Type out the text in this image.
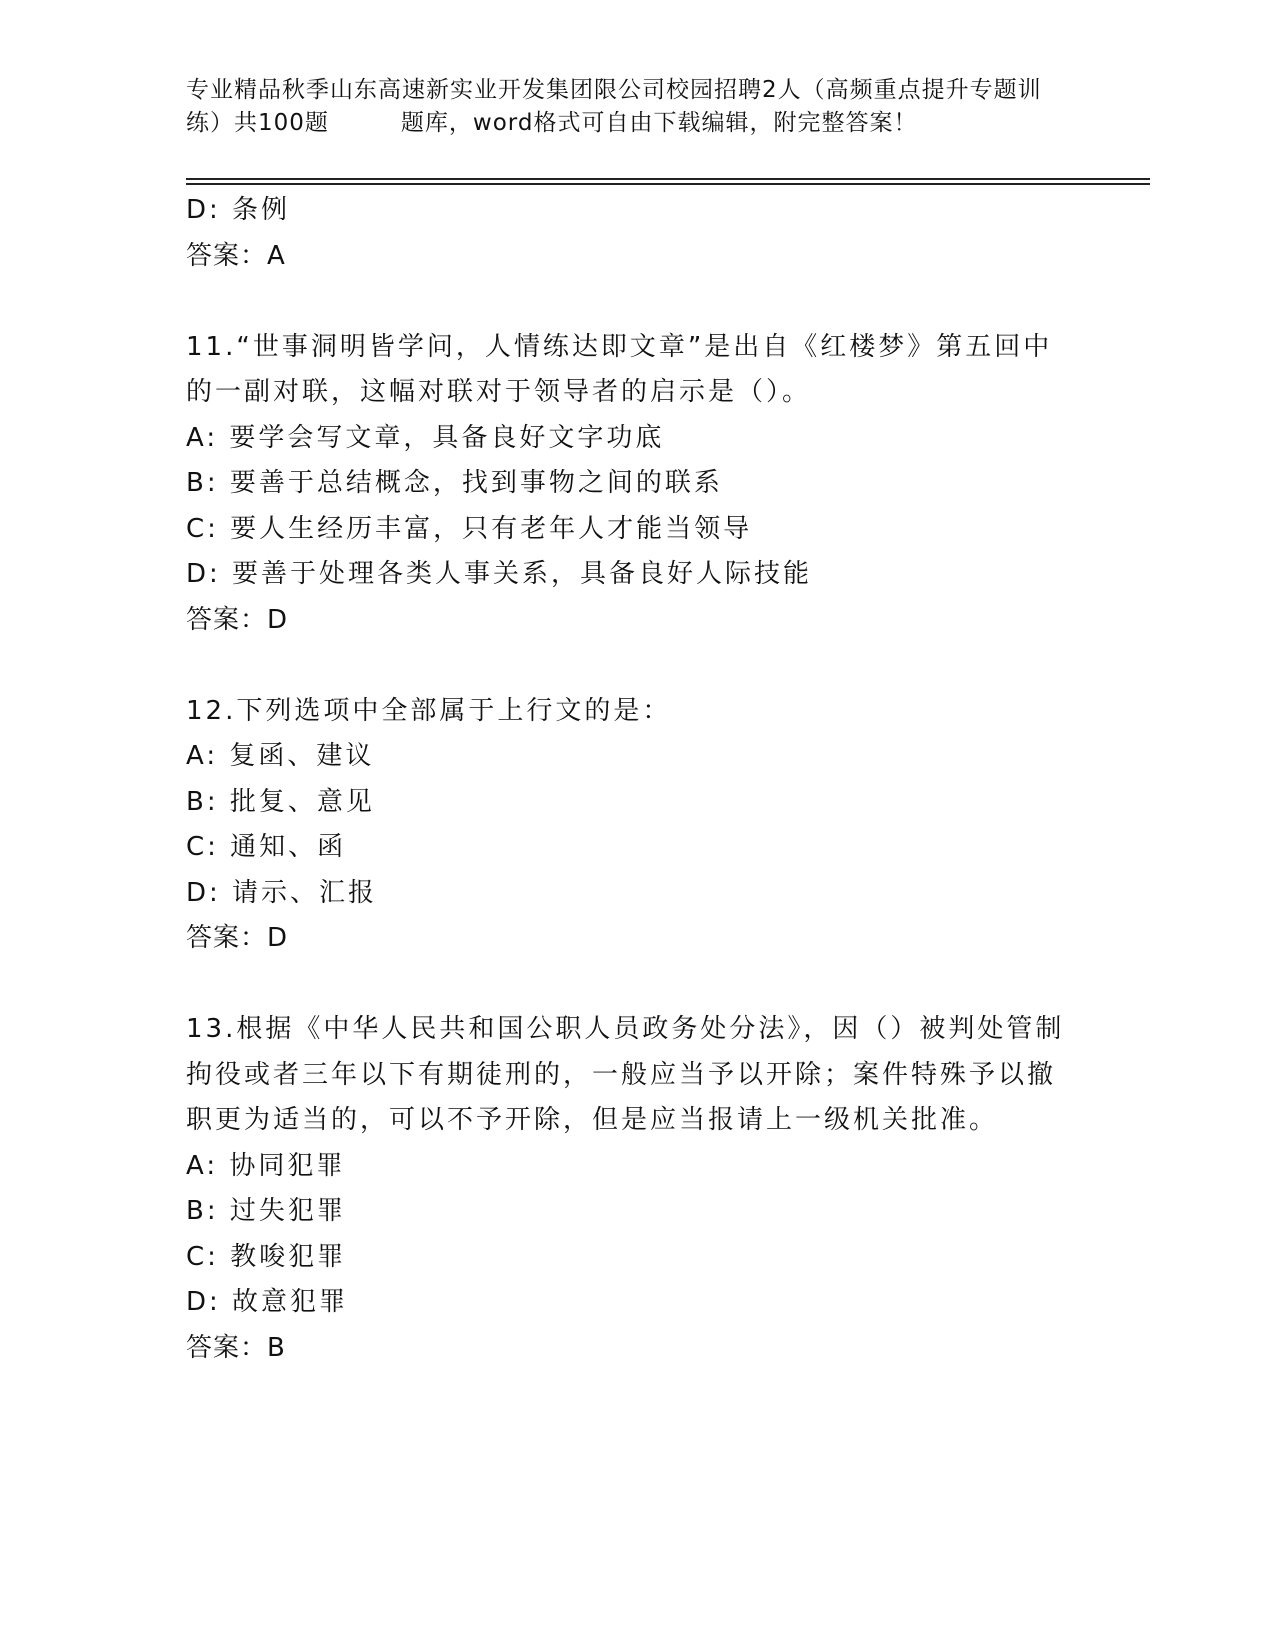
专业精品秋季山东高速新实业开发集团限公司校园招聘2人（高频重点提升专题训
练）共100题	题库，word格式可自由下载编辑，附完整答案！
D: 条例
答案：A
11.“世事洞明皆学问，人情练达即文章”是出自《红楼梦》第五回中
的一副对联，这幅对联对于领导者的启示是（）。
A: 要学会写文章，具备良好文字功底
B: 要善于总结概念，找到事物之间的联系
C: 要人生经历丰富，只有老年人才能当领导
D: 要善于处理各类人事关系，具备良好人际技能
答案：D
12.下列选项中全部属于上行文的是：
A: 复函、建议
B: 批复、意见
C: 通知、函
D: 请示、汇报
答案：D
13.根据《中华人民共和国公职人员政务处分法》，因（）被判处管制
拘役或者三年以下有期徒刑的，一般应当予以开除；案件特殊予以撤
职更为适当的，可以不予开除，但是应当报请上一级机关批准。
A: 协同犯罪
B: 过失犯罪
C: 教唆犯罪
D: 故意犯罪
答案：B
